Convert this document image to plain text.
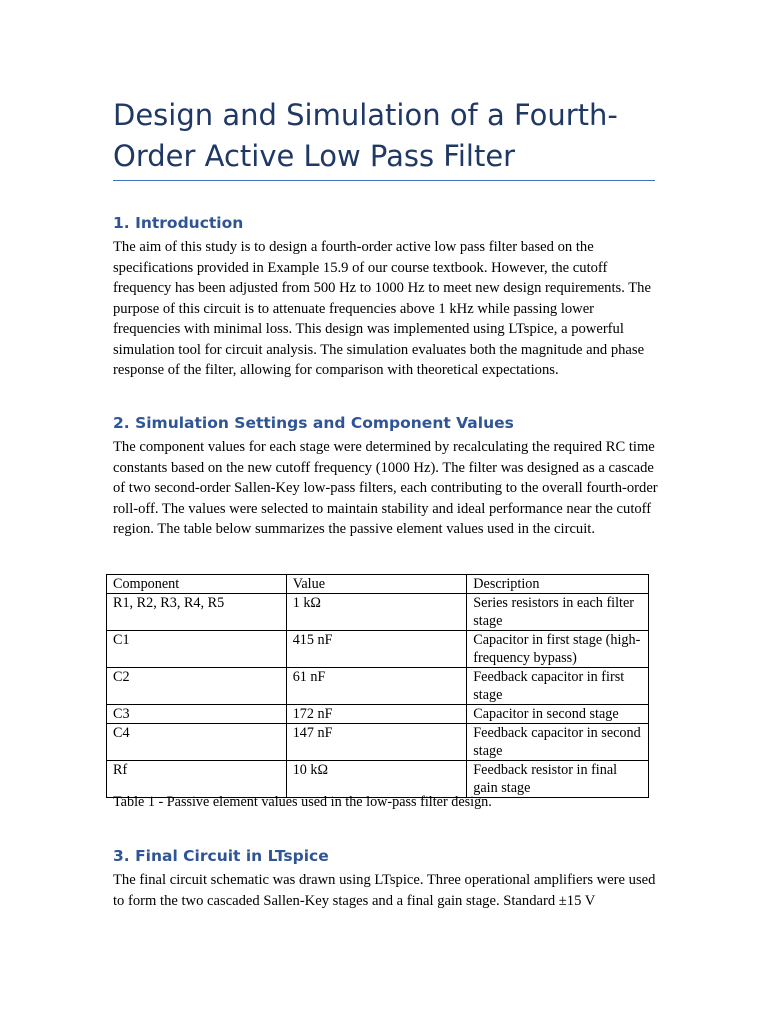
Design and Simulation of a Fourth-Order Active Low Pass Filter
1. Introduction

The aim of this study is to design a fourth-order active low pass filter based on the specifications provided in Example 15.9 of our course textbook. However, the cutoff frequency has been adjusted from 500 Hz to 1000 Hz to meet new design requirements. The purpose of this circuit is to attenuate frequencies above 1 kHz while passing lower frequencies with minimal loss. This design was implemented using LTspice, a powerful simulation tool for circuit analysis. The simulation evaluates both the magnitude and phase response of the filter, allowing for comparison with theoretical expectations.

2. Simulation Settings and Component Values

The component values for each stage were determined by recalculating the required RC time constants based on the new cutoff frequency (1000 Hz). The filter was designed as a cascade of two second-order Sallen-Key low-pass filters, each contributing to the overall fourth-order roll-off. The values were selected to maintain stability and ideal performance near the cutoff region. The table below summarizes the passive element values used in the circuit.

Component	Value	Description
R1, R2, R3, R4, R5	1 kΩ	Series resistors in each filter stage
C1	415 nF	Capacitor in first stage (high-frequency bypass)
C2	61 nF	Feedback capacitor in first stage
C3	172 nF	Capacitor in second stage
C4	147 nF	Feedback capacitor in second stage
Rf	10 kΩ	Feedback resistor in final gain stage

Table 1 - Passive element values used in the low-pass filter design.

3. Final Circuit in LTspice

The final circuit schematic was drawn using LTspice. Three operational amplifiers were used to form the two cascaded Sallen-Key stages and a final gain stage. Standard ±15 V
